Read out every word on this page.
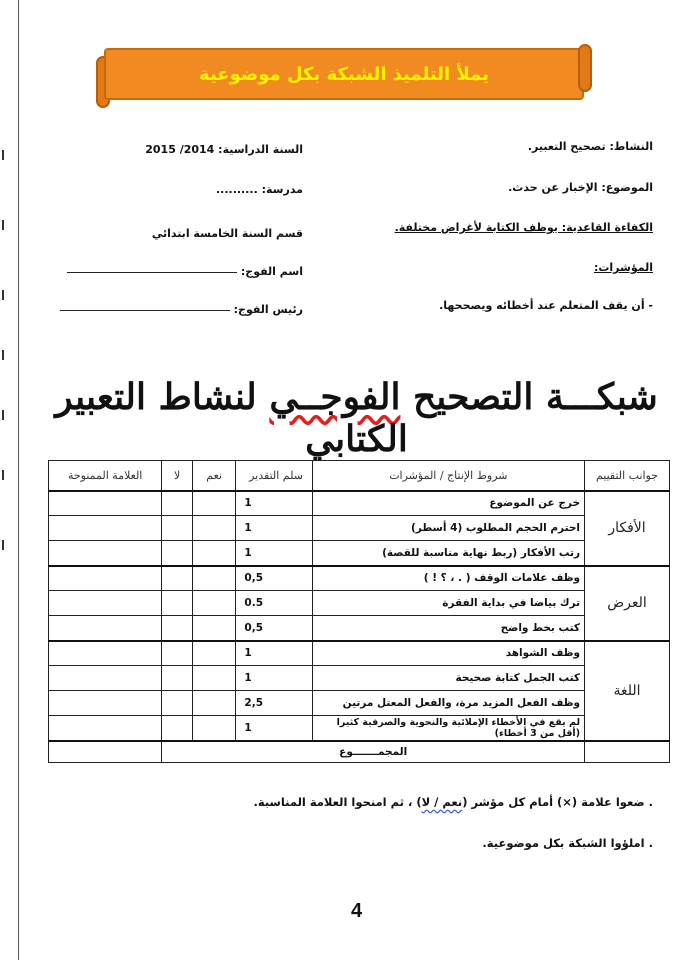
يملأ التلميذ الشبكة بكل موضوعية
النشاط: تصحيح التعبير.
الموضوع: الإخبار عن حدث.
الكفاءة القاعدية: يوظف الكتابة لأغراض مختلفة.
المؤشرات:
- أن يقف المتعلم عند أخطائه ويصححها.
السنة الدراسية: 2014/ 2015
مدرسة: ..........
قسم السنة الخامسة ابتدائي
اسم الفوج:
رئيس الفوج:
شبكـــة التصحيح الفوجــي لنشاط التعبير الكتابي
جوانب التقييم	شروط الإنتاج / المؤشرات	سلم التقدير	نعم	لا	العلامة الممنوحة
الأفكار	خرج عن الموضوع	1			
	احترم الحجم المطلوب (4 أسطر)	1			
	رتب الأفكار (ربط نهاية مناسبة للقصة)	1			
العرض	وظف علامات الوقف ( . ، ؟ ! )	0,5			
	ترك بياضا في بداية الفقرة	0.5			
	كتب بخط واضح	0,5			
اللغة	وظف الشواهد	1			
	كتب الجمل كتابة صحيحة	1			
	وظف الفعل المزيد مرة، والفعل المعتل مرتين	2,5			
	لم يقع في الأخطاء الإملائية والنحوية والصرفية كثيرا (أقل من 3 أخطاء)	1			
	المجمـــــــوع				
. ضعوا علامة (×) أمام كل مؤشر (نعم / لا) ، ثم امنحوا العلامة المناسبة.
. املؤوا الشبكة بكل موضوعية.
4
